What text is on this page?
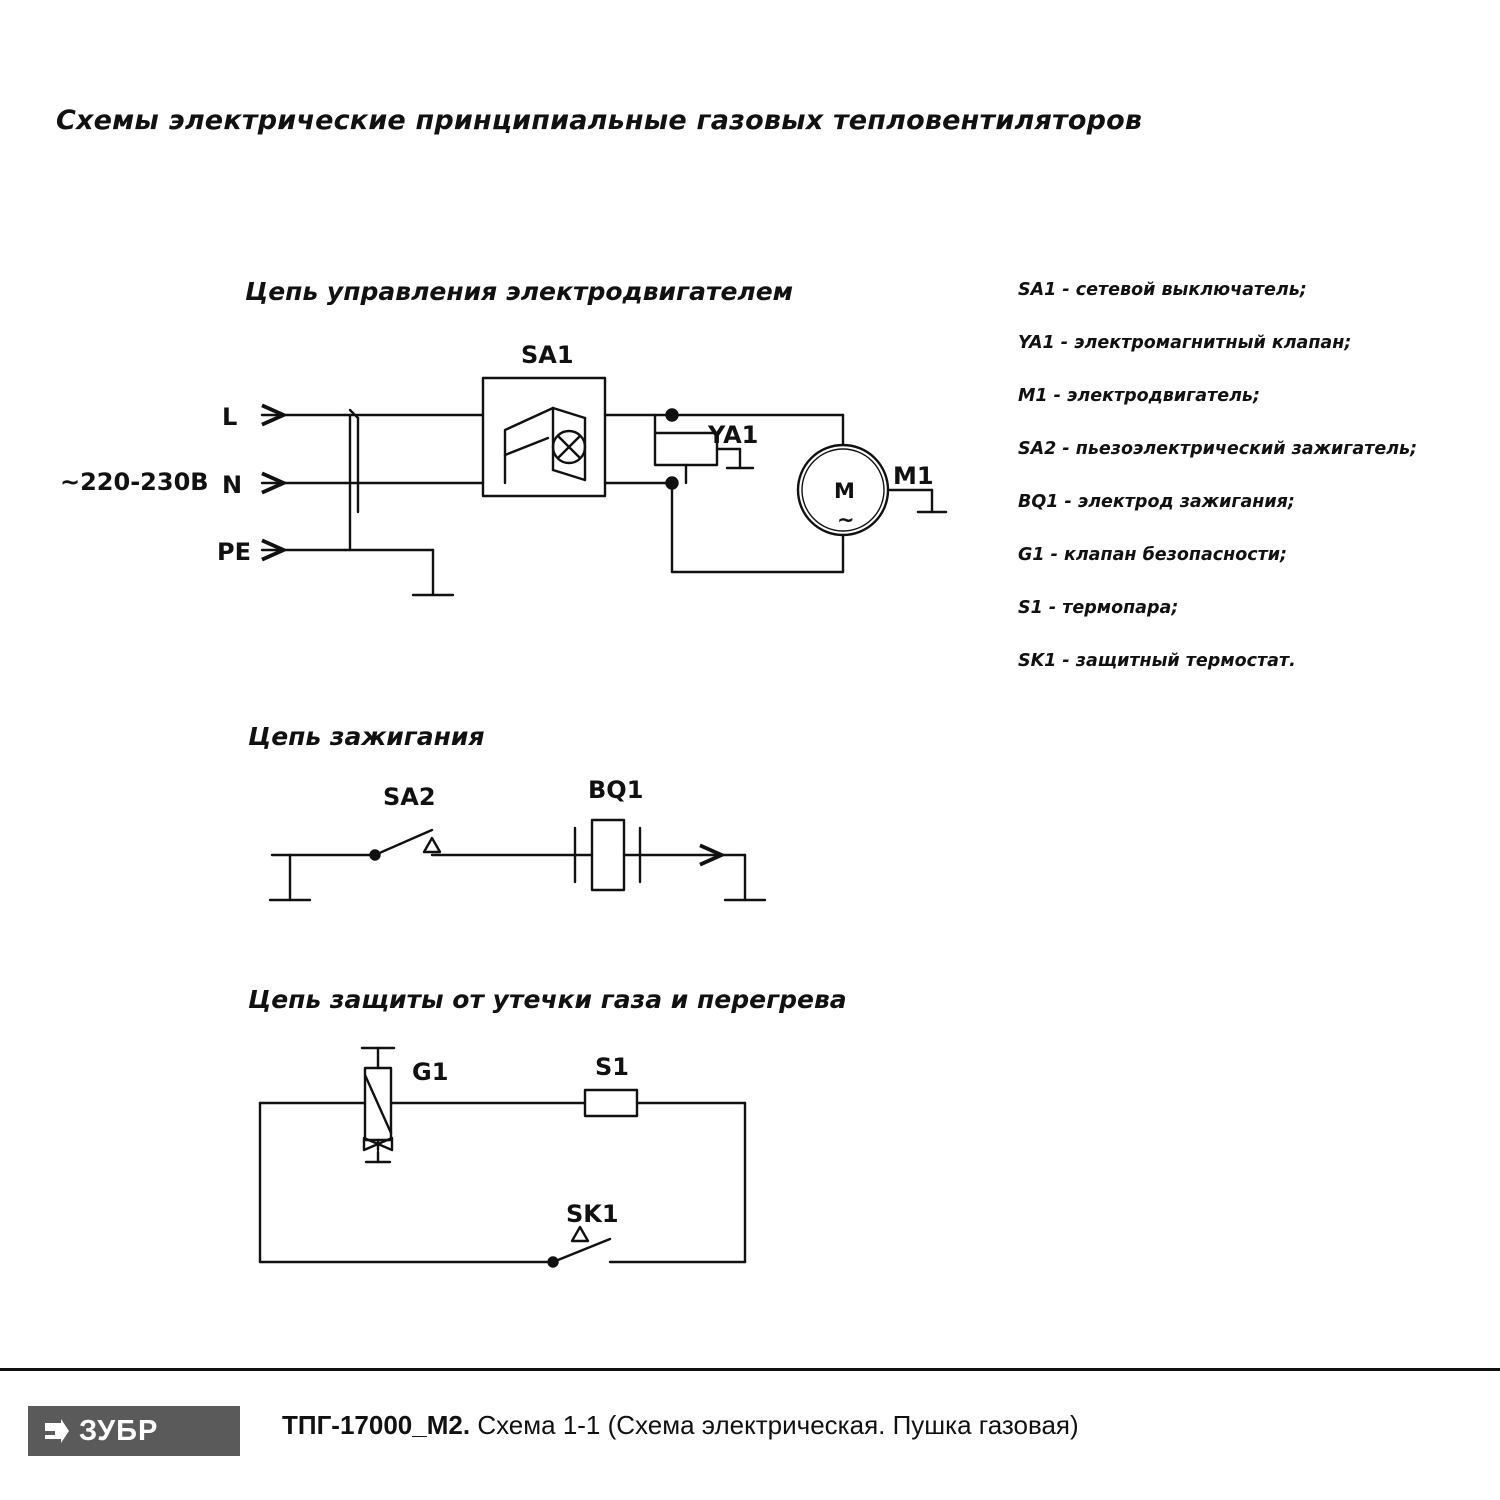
Схемы электрические принципиальные газовых тепловентиляторов
Цепь управления электродвигателем
Цепь зажигания
Цепь защиты от утечки газа и перегрева
~220-230В
L
N
PE
SA1
YA1
M1
M
~
SA2	BQ1
G1	S1
SK1
SA1 - сетевой выключатель;
YA1 - электромагнитный клапан;
M1 - электродвигатель;
SA2 - пьезоэлектрический зажигатель;
BQ1 - электрод зажигания;
G1 - клапан безопасности;
S1 - термопара;
SK1 - защитный термостат.
ЗУБР	ТПГ-17000_М2. Схема 1-1 (Схема электрическая. Пушка газовая)
